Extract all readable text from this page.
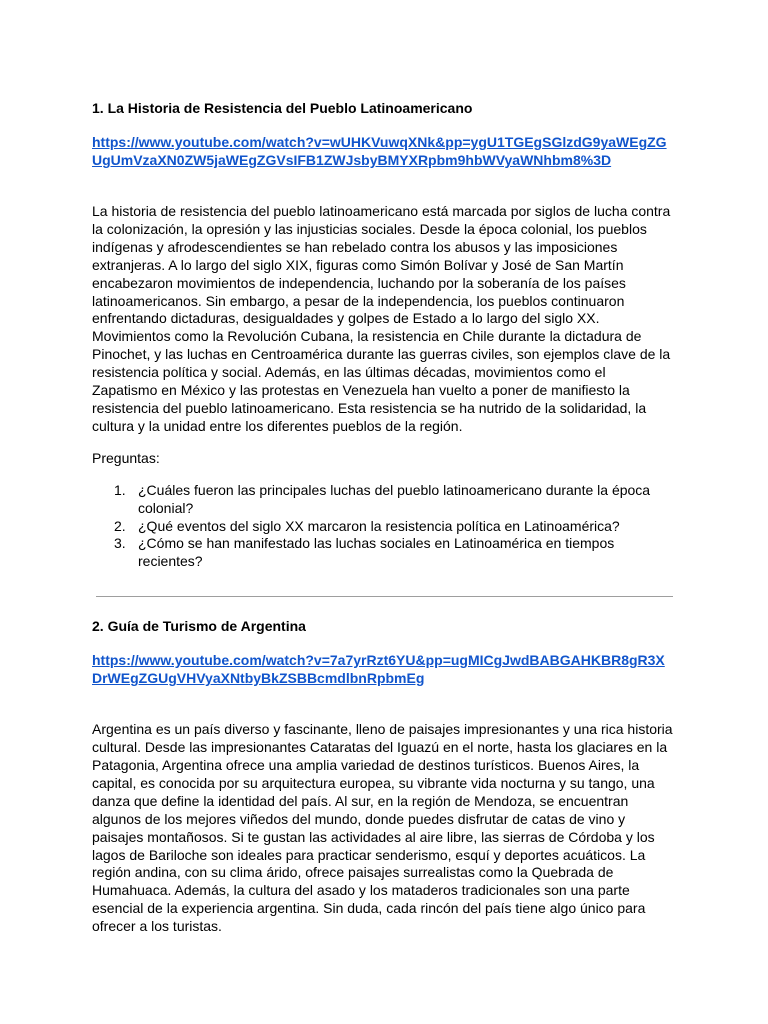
1. La Historia de Resistencia del Pueblo Latinoamericano
https://www.youtube.com/watch?v=wUHKVuwqXNk&pp=ygU1TGEgSGlzdG9yaWEgZGUgUmVzaXN0ZW5jaWEgZGVsIFB1ZWJsbyBMYXRpbm9hbWVyaWNhbm8%3D

La historia de resistencia del pueblo latinoamericano está marcada por siglos de lucha contra la colonización, la opresión y las injusticias sociales. Desde la época colonial, los pueblos indígenas y afrodescendientes se han rebelado contra los abusos y las imposiciones extranjeras. A lo largo del siglo XIX, figuras como Simón Bolívar y José de San Martín encabezaron movimientos de independencia, luchando por la soberanía de los países latinoamericanos. Sin embargo, a pesar de la independencia, los pueblos continuaron enfrentando dictaduras, desigualdades y golpes de Estado a lo largo del siglo XX. Movimientos como la Revolución Cubana, la resistencia en Chile durante la dictadura de Pinochet, y las luchas en Centroamérica durante las guerras civiles, son ejemplos clave de la resistencia política y social. Además, en las últimas décadas, movimientos como el Zapatismo en México y las protestas en Venezuela han vuelto a poner de manifiesto la resistencia del pueblo latinoamericano. Esta resistencia se ha nutrido de la solidaridad, la cultura y la unidad entre los diferentes pueblos de la región.

Preguntas:

1. ¿Cuáles fueron las principales luchas del pueblo latinoamericano durante la época colonial?
2. ¿Qué eventos del siglo XX marcaron la resistencia política en Latinoamérica?
3. ¿Cómo se han manifestado las luchas sociales en Latinoamérica en tiempos recientes?
2. Guía de Turismo de Argentina
https://www.youtube.com/watch?v=7a7yrRzt6YU&pp=ugMICgJwdBABGAHKBR8gR3XDrWEgZGUgVHVyaXNtbyBkZSBBcmdlbnRpbmEg

Argentina es un país diverso y fascinante, lleno de paisajes impresionantes y una rica historia cultural. Desde las impresionantes Cataratas del Iguazú en el norte, hasta los glaciares en la Patagonia, Argentina ofrece una amplia variedad de destinos turísticos. Buenos Aires, la capital, es conocida por su arquitectura europea, su vibrante vida nocturna y su tango, una danza que define la identidad del país. Al sur, en la región de Mendoza, se encuentran algunos de los mejores viñedos del mundo, donde puedes disfrutar de catas de vino y paisajes montañosos. Si te gustan las actividades al aire libre, las sierras de Córdoba y los lagos de Bariloche son ideales para practicar senderismo, esquí y deportes acuáticos. La región andina, con su clima árido, ofrece paisajes surrealistas como la Quebrada de Humahuaca. Además, la cultura del asado y los mataderos tradicionales son una parte esencial de la experiencia argentina. Sin duda, cada rincón del país tiene algo único para ofrecer a los turistas.
